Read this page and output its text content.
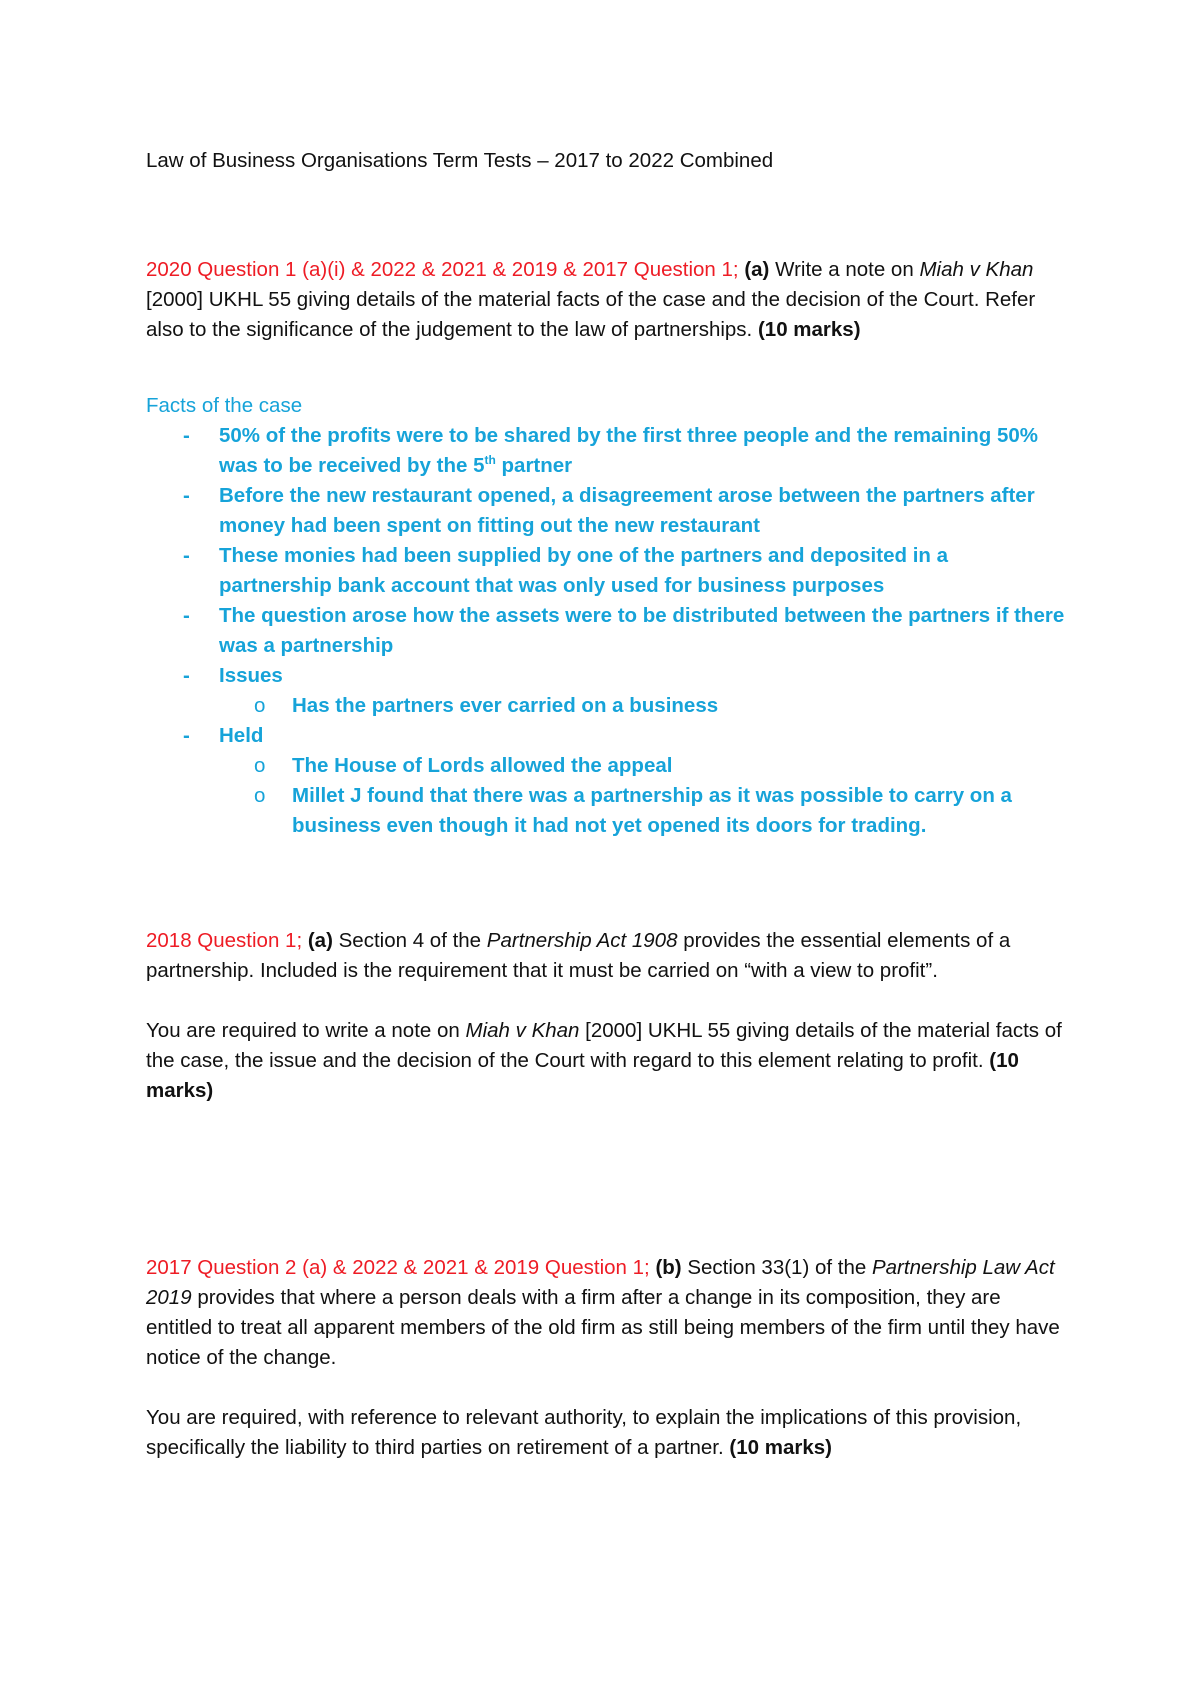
Law of Business Organisations Term Tests – 2017 to 2022 Combined
2020 Question 1 (a)(i) & 2022 & 2021 & 2019 & 2017 Question 1; (a) Write a note on Miah v Khan [2000] UKHL 55 giving details of the material facts of the case and the decision of the Court. Refer also to the significance of the judgement to the law of partnerships. (10 marks)
Facts of the case
- 50% of the profits were to be shared by the first three people and the remaining 50% was to be received by the 5th partner
- Before the new restaurant opened, a disagreement arose between the partners after money had been spent on fitting out the new restaurant
- These monies had been supplied by one of the partners and deposited in a partnership bank account that was only used for business purposes
- The question arose how the assets were to be distributed between the partners if there was a partnership
- Issues
o Has the partners ever carried on a business
- Held
o The House of Lords allowed the appeal
o Millet J found that there was a partnership as it was possible to carry on a business even though it had not yet opened its doors for trading.
2018 Question 1; (a) Section 4 of the Partnership Act 1908 provides the essential elements of a partnership. Included is the requirement that it must be carried on “with a view to profit”.
You are required to write a note on Miah v Khan [2000] UKHL 55 giving details of the material facts of the case, the issue and the decision of the Court with regard to this element relating to profit. (10 marks)
2017 Question 2 (a) & 2022 & 2021 & 2019 Question 1; (b) Section 33(1) of the Partnership Law Act 2019 provides that where a person deals with a firm after a change in its composition, they are entitled to treat all apparent members of the old firm as still being members of the firm until they have notice of the change.
You are required, with reference to relevant authority, to explain the implications of this provision, specifically the liability to third parties on retirement of a partner. (10 marks)
